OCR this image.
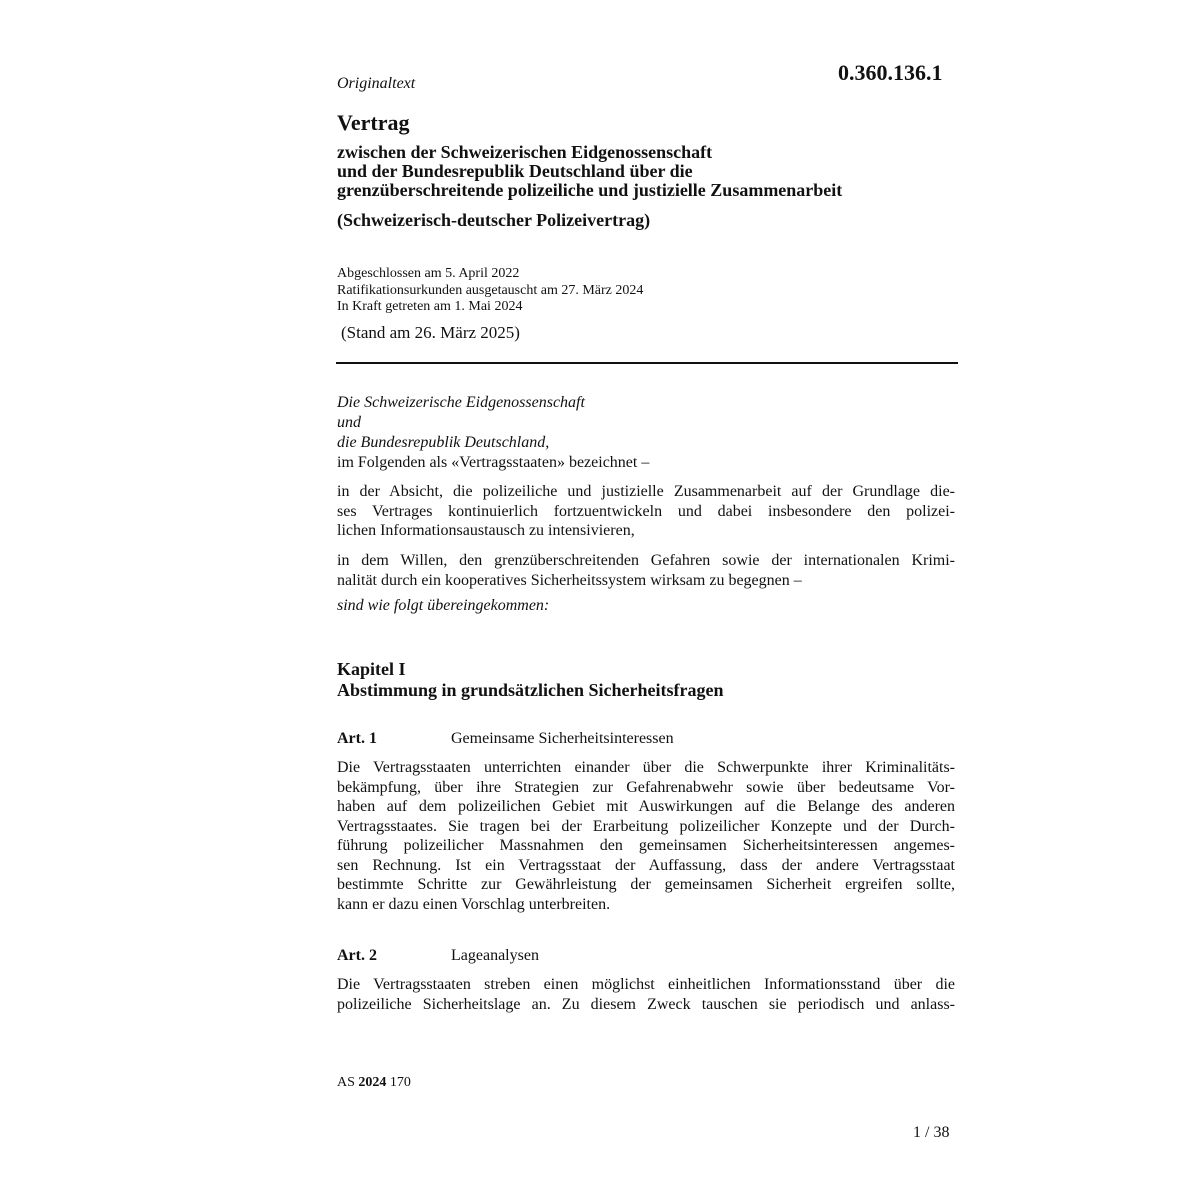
Originaltext	0.360.136.1
Vertrag
zwischen der Schweizerischen Eidgenossenschaft
und der Bundesrepublik Deutschland über die
grenzüberschreitende polizeiliche und justizielle Zusammenarbeit
(Schweizerisch-deutscher Polizeivertrag)
Abgeschlossen am 5. April 2022
Ratifikationsurkunden ausgetauscht am 27. März 2024
In Kraft getreten am 1. Mai 2024
(Stand am 26. März 2025)
Die Schweizerische Eidgenossenschaft
und
die Bundesrepublik Deutschland,
im Folgenden als «Vertragsstaaten» bezeichnet –
in der Absicht, die polizeiliche und justizielle Zusammenarbeit auf der Grundlage die-
ses Vertrages kontinuierlich fortzuentwickeln und dabei insbesondere den polizei-
lichen Informationsaustausch zu intensivieren,
in dem Willen, den grenzüberschreitenden Gefahren sowie der internationalen Krimi-
nalität durch ein kooperatives Sicherheitssystem wirksam zu begegnen –
sind wie folgt übereingekommen:
Kapitel I
Abstimmung in grundsätzlichen Sicherheitsfragen
Art. 1	Gemeinsame Sicherheitsinteressen
Die Vertragsstaaten unterrichten einander über die Schwerpunkte ihrer Kriminalitäts-
bekämpfung, über ihre Strategien zur Gefahrenabwehr sowie über bedeutsame Vor-
haben auf dem polizeilichen Gebiet mit Auswirkungen auf die Belange des anderen
Vertragsstaates. Sie tragen bei der Erarbeitung polizeilicher Konzepte und der Durch-
führung polizeilicher Massnahmen den gemeinsamen Sicherheitsinteressen angemes-
sen Rechnung. Ist ein Vertragsstaat der Auffassung, dass der andere Vertragsstaat
bestimmte Schritte zur Gewährleistung der gemeinsamen Sicherheit ergreifen sollte,
kann er dazu einen Vorschlag unterbreiten.
Art. 2	Lageanalysen
Die Vertragsstaaten streben einen möglichst einheitlichen Informationsstand über die
polizeiliche Sicherheitslage an. Zu diesem Zweck tauschen sie periodisch und anlass-
AS 2024 170
1 / 38
